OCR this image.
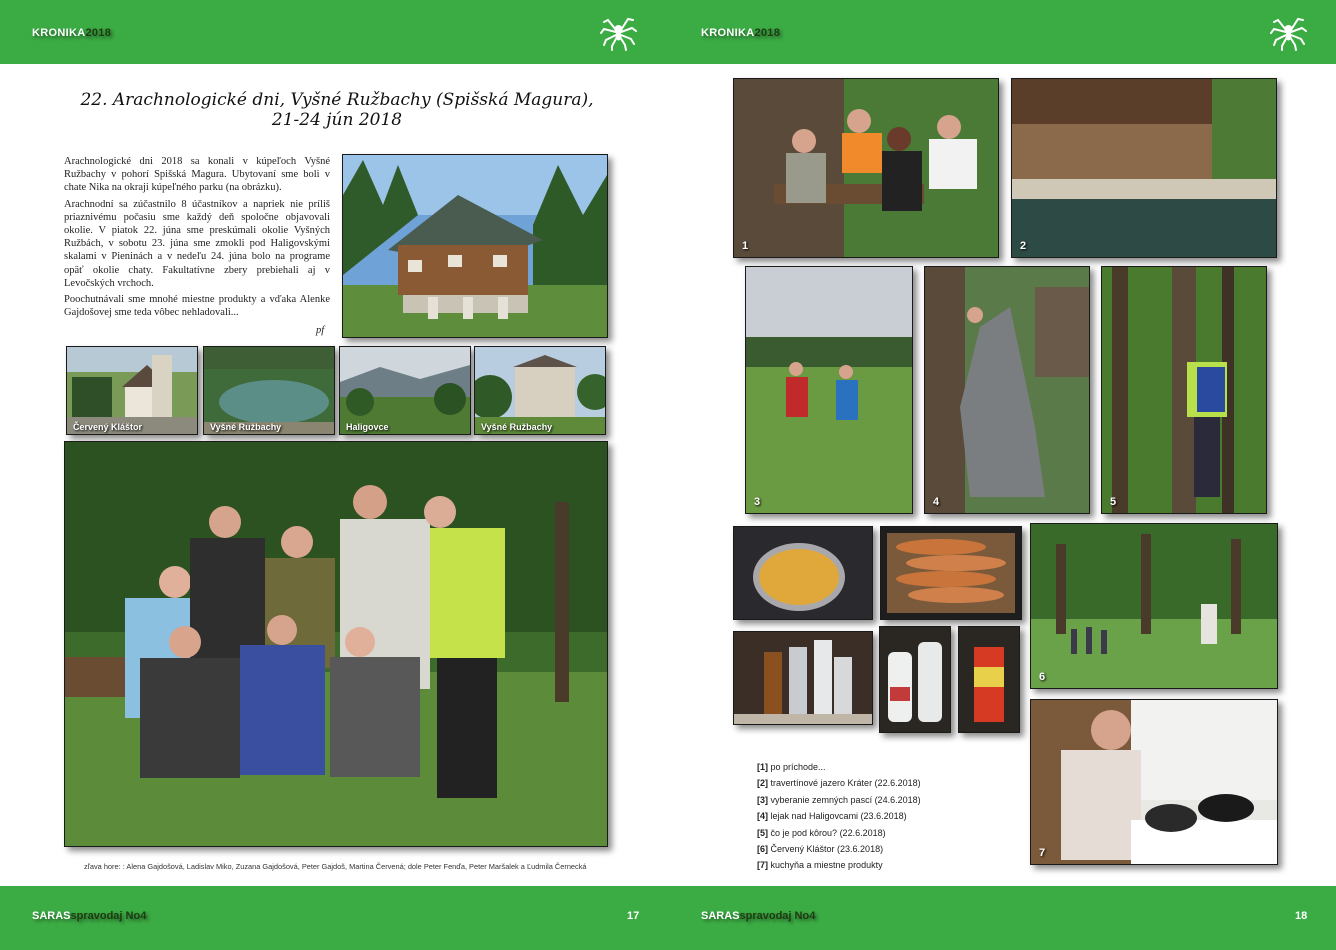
KRONIKA2018	KRONIKA2018
SARASspravodaj No4	17	SARASspravodaj No4	18
22. Arachnologické dni, Vyšné Ružbachy (Spišská Magura),
21-24 jún 2018

Arachnologické dni 2018 sa konali v kúpeľoch Vyšné Ružbachy v pohorí Spišská Magura. Ubytovaní sme boli v chate Nika na okraji kúpeľného parku (na obrázku).

Arachnodní sa zúčastnilo 8 účastníkov a napriek nie príliš priaznivému počasiu sme každý deň spoločne objavovali okolie. V piatok 22. júna sme preskúmali okolie Vyšných Ružbách, v sobotu 23. júna sme zmokli pod Haligovskými skalami v Pieninách a v nedeľu 24. júna bolo na programe opäť okolie chaty. Fakultatívne zbery prebiehali aj v Levočských vrchoch.

Poochutnávali sme mnohé miestne produkty a vďaka Alenke Gajdošovej sme teda vôbec nehladovali...

pf
Červený Kláštor	Vyšné Ružbachy	Haligovce	Vyšné Ružbachy
zľava hore: : Alena Gajdošová, Ladislav Miko, Zuzana Gajdošová, Peter Gajdoš, Martina Červená; dole Peter Fenďa, Peter Maršalek a Ľudmila Černecká
1	2
3	4	5
6
7
[1] po príchode...
[2] travertínové jazero Kráter (22.6.2018)
[3] vyberanie zemných pascí (24.6.2018)
[4] lejak nad Haligovcami (23.6.2018)
[5] čo je pod kôrou? (22.6.2018)
[6] Červený Kláštor (23.6.2018)
[7] kuchyňa a miestne produkty
